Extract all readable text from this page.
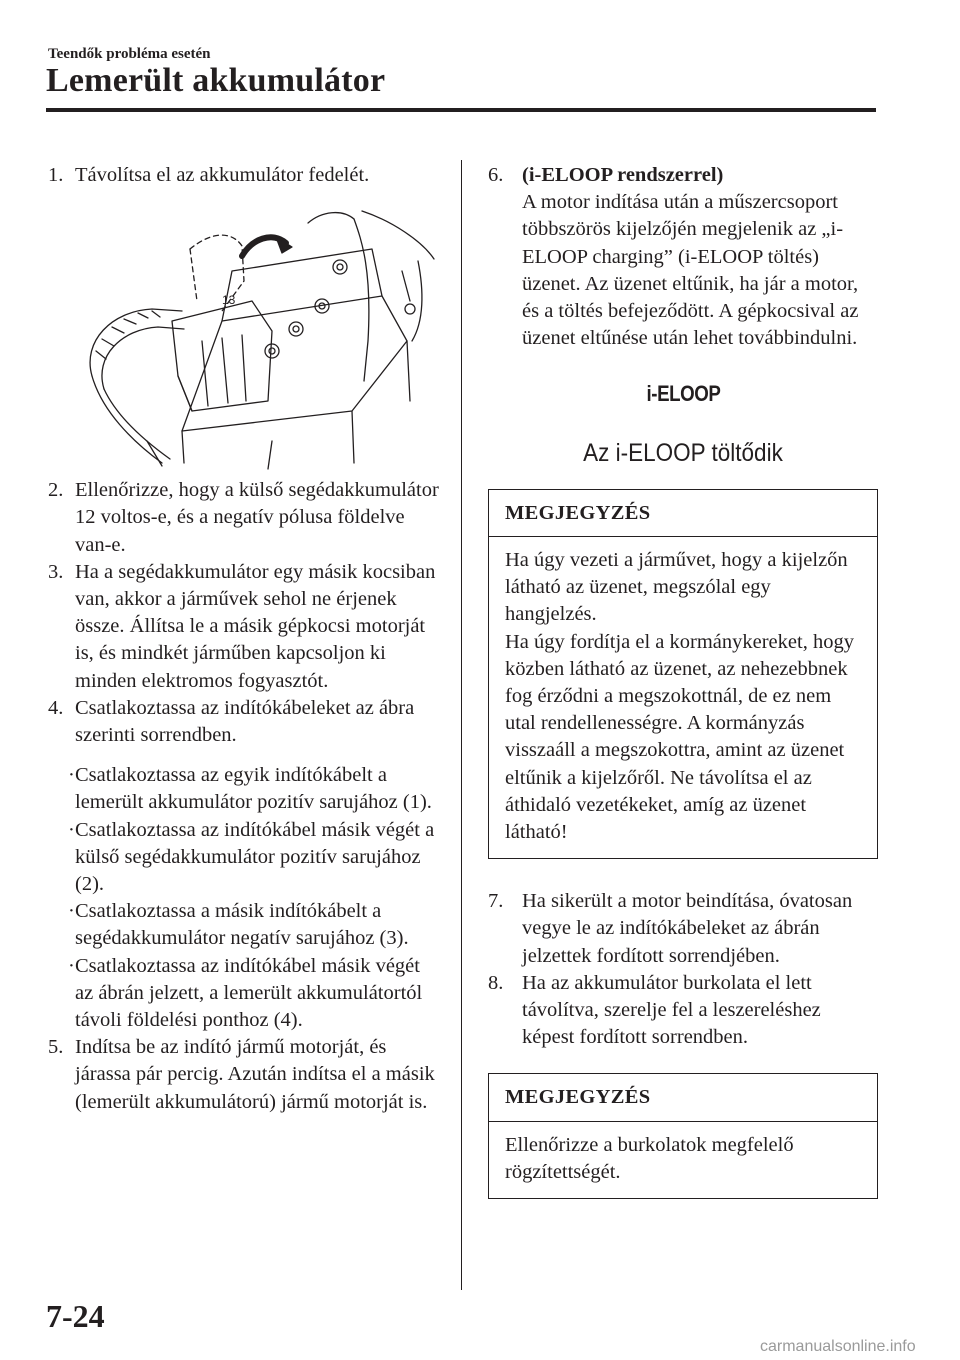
Teendők probléma esetén
Lemerült akkumulátor
1. Távolítsa el az akkumulátor fedelét.
13
2. Ellenőrizze, hogy a külső segédakkumulátor 12 voltos-e, és a negatív pólusa földelve van-e.
3. Ha a segédakkumulátor egy másik kocsiban van, akkor a járművek sehol ne érjenek össze. Állítsa le a másik gépkocsi motorját is, és mindkét járműben kapcsoljon ki minden elektromos fogyasztót.
4. Csatlakoztassa az indítókábeleket az ábra szerinti sorrendben.
· Csatlakoztassa az egyik indítókábelt a lemerült akkumulátor pozitív sarujához (1).
· Csatlakoztassa az indítókábel másik végét a külső segédakkumulátor pozitív sarujához (2).
· Csatlakoztassa a másik indítókábelt a segédakkumulátor negatív sarujához (3).
· Csatlakoztassa az indítókábel másik végét az ábrán jelzett, a lemerült akkumulátortól távoli földelési ponthoz (4).
5. Indítsa be az indító jármű motorját, és járassa pár percig. Azután indítsa el a másik (lemerült akkumulátorú) jármű motorját is.
6. (i-ELOOP rendszerrel)
A motor indítása után a műszercsoport többszörös kijelzőjén megjelenik az „i-ELOOP charging” (i-ELOOP töltés) üzenet. Az üzenet eltűnik, ha jár a motor, és a töltés befejeződött. A gépkocsival az üzenet eltűnése után lehet továbbindulni.
i-ELOOP
Az i-ELOOP töltődik
MEGJEGYZÉS

Ha úgy vezeti a járművet, hogy a kijelzőn látható az üzenet, megszólal egy hangjelzés.

Ha úgy fordítja el a kormánykereket, hogy közben látható az üzenet, az nehezebbnek fog érződni a megszokottnál, de ez nem utal rendellenességre. A kormányzás visszaáll a megszokottra, amint az üzenet eltűnik a kijelzőről. Ne távolítsa el az áthidaló vezetékeket, amíg az üzenet látható!

7. Ha sikerült a motor beindítása, óvatosan vegye le az indítókábeleket az ábrán jelzettek fordított sorrendjében.
8. Ha az akkumulátor burkolata el lett távolítva, szerelje fel a leszereléshez képest fordított sorrendben.
MEGJEGYZÉS

Ellenőrizze a burkolatok megfelelő rögzítettségét.

7-24
carmanualsonline.info
